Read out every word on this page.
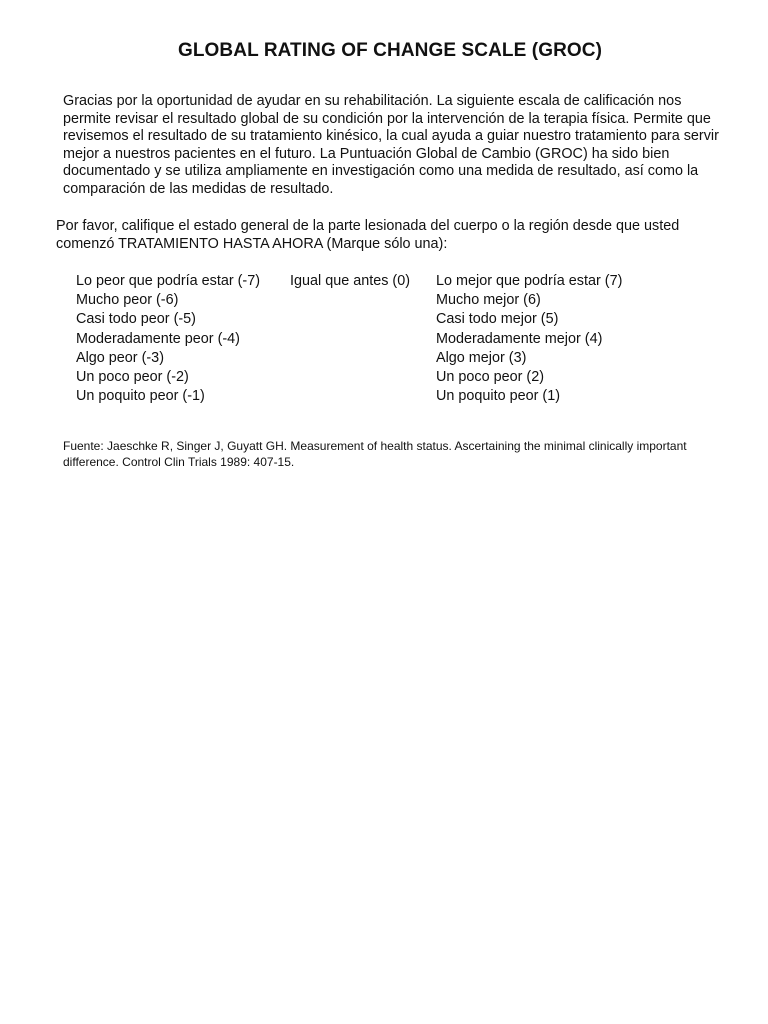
GLOBAL RATING OF CHANGE SCALE (GROC)
Gracias por la oportunidad de ayudar en su rehabilitación. La siguiente escala de calificación nos permite revisar el resultado global de su condición por la intervención de la terapia física. Permite que revisemos el resultado de su tratamiento kinésico, la cual ayuda a guiar nuestro tratamiento para servir mejor a nuestros pacientes en el futuro. La Puntuación Global de Cambio (GROC) ha sido bien documentado y se utiliza ampliamente en investigación como una medida de resultado, así como la comparación de las medidas de resultado.
Por favor, califique el estado general de la parte lesionada del cuerpo o la región desde que usted comenzó TRATAMIENTO HASTA AHORA (Marque sólo una):
Lo peor que podría estar (-7)
Mucho peor (-6)
Casi todo peor (-5)
Moderadamente peor (-4)
Algo peor (-3)
Un poco peor (-2)
Un poquito peor (-1)
Igual que antes (0) Lo mejor que podría estar (7)
Mucho mejor (6)
Casi todo mejor (5)
Moderadamente mejor (4)
Algo mejor (3)
Un poco peor (2)
Un poquito peor (1)
Fuente: Jaeschke R, Singer J, Guyatt GH. Measurement of health status. Ascertaining the minimal clinically important difference. Control Clin Trials 1989: 407-15.
